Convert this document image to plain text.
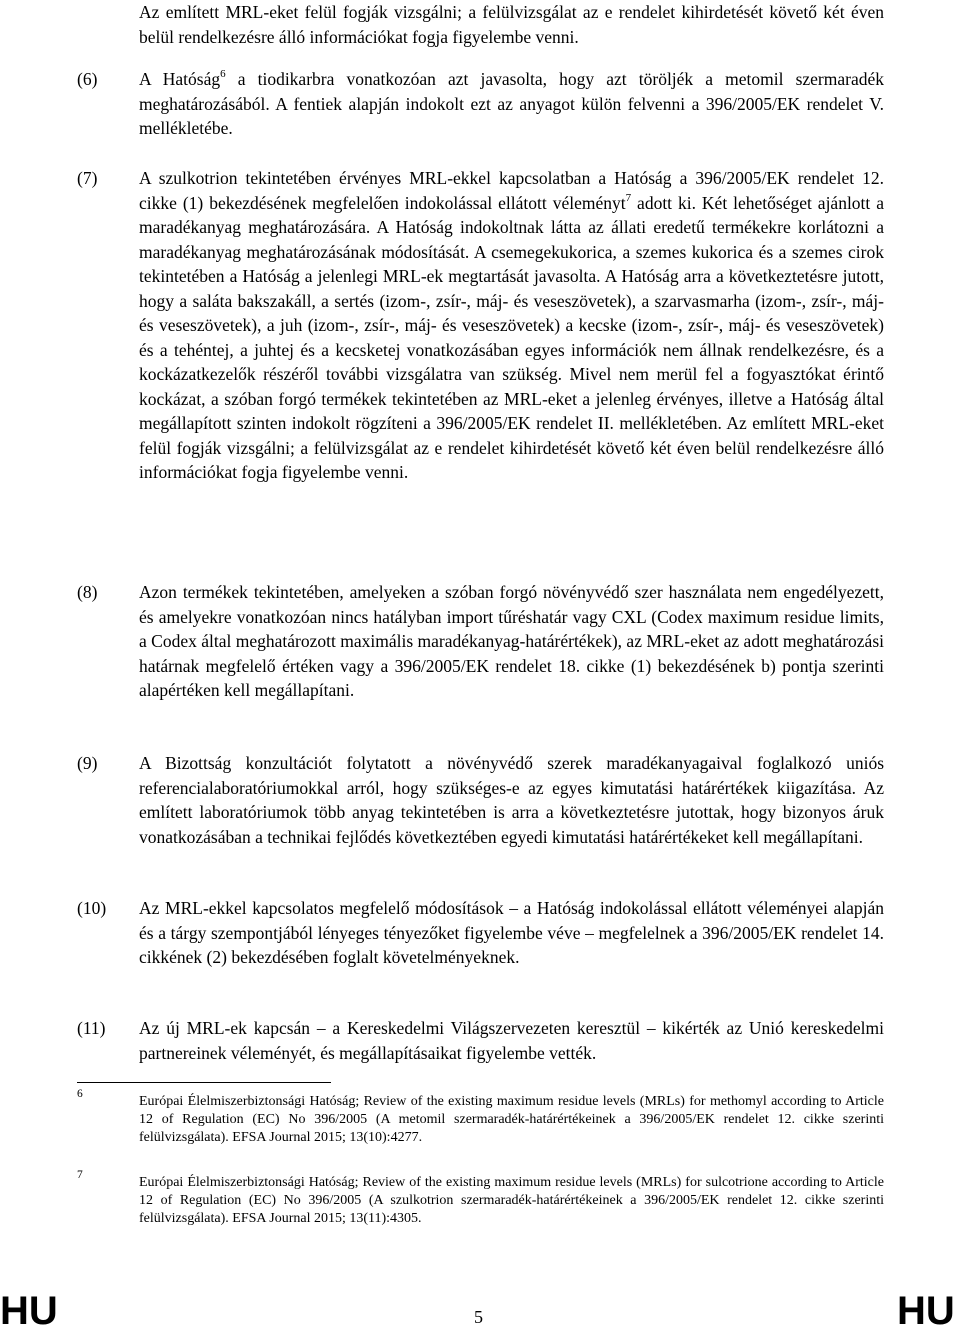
Az említett MRL-eket felül fogják vizsgálni; a felülvizsgálat az e rendelet kihirdetését követő két éven belül rendelkezésre álló információkat fogja figyelembe venni.

(6) A Hatóság$^6$ a tiodikarbra vonatkozóan azt javasolta, hogy azt töröljék a metomil szermaradék meghatározásából. A fentiek alapján indokolt ezt az anyagot külön felvenni a 396/2005/EK rendelet V. mellékletébe.

(7) A szulkotrion tekintetében érvényes MRL-ekkel kapcsolatban a Hatóság a 396/2005/EK rendelet 12. cikke (1) bekezdésének megfelelően indokolással ellátott véleményt$^7$ adott ki. Két lehetőséget ajánlott a maradékanyag meghatározására. A Hatóság indokoltnak látta az állati eredetű termékekre korlátozni a maradékanyag meghatározásának módosítását. A csemegekukorica, a szemes kukorica és a szemes cirok tekintetében a Hatóság a jelenlegi MRL-ek megtartását javasolta. A Hatóság arra a következtetésre jutott, hogy a saláta bakszakáll, a sertés (izom-, zsír-, máj- és veseszövetek), a szarvasmarha (izom-, zsír-, máj- és veseszövetek), a juh (izom-, zsír-, máj- és veseszövetek) a kecske (izom-, zsír-, máj- és veseszövetek) és a tehéntej, a juhtej és a kecsketej vonatkozásában egyes információk nem állnak rendelkezésre, és a kockázatkezelők részéről további vizsgálatra van szükség. Mivel nem merül fel a fogyasztókat érintő kockázat, a szóban forgó termékek tekintetében az MRL-eket a jelenleg érvényes, illetve a Hatóság által megállapított szinten indokolt rögzíteni a 396/2005/EK rendelet II. mellékletében. Az említett MRL-eket felül fogják vizsgálni; a felülvizsgálat az e rendelet kihirdetését követő két éven belül rendelkezésre álló információkat fogja figyelembe venni.

(8) Azon termékek tekintetében, amelyeken a szóban forgó növényvédő szer használata nem engedélyezett, és amelyekre vonatkozóan nincs hatályban import tűréshatár vagy CXL (Codex maximum residue limits, a Codex által meghatározott maximális maradékanyag-határértékek), az MRL-eket az adott meghatározási határnak megfelelő értéken vagy a 396/2005/EK rendelet 18. cikke (1) bekezdésének b) pontja szerinti alapértéken kell megállapítani.

(9) A Bizottság konzultációt folytatott a növényvédő szerek maradékanyagaival foglalkozó uniós referencialaboratóriumokkal arról, hogy szükséges-e az egyes kimutatási határértékek kiigazítása. Az említett laboratóriumok több anyag tekintetében is arra a következtetésre jutottak, hogy bizonyos áruk vonatkozásában a technikai fejlődés következtében egyedi kimutatási határértékeket kell megállapítani.

(10) Az MRL-ekkel kapcsolatos megfelelő módosítások – a Hatóság indokolással ellátott véleményei alapján és a tárgy szempontjából lényeges tényezőket figyelembe véve – megfelelnek a 396/2005/EK rendelet 14. cikkének (2) bekezdésében foglalt követelményeknek.

(11) Az új MRL-ek kapcsán – a Kereskedelmi Világszervezeten keresztül – kikérték az Unió kereskedelmi partnereinek véleményét, és megállapításaikat figyelembe vették.

6	Európai Élelmiszerbiztonsági Hatóság; Review of the existing maximum residue levels (MRLs) for methomyl according to Article 12 of Regulation (EC) No 396/2005 (A metomil szermaradék-határértékeinek a 396/2005/EK rendelet 12. cikke szerinti felülvizsgálata). EFSA Journal 2015; 13(10):4277.

7	Európai Élelmiszerbiztonsági Hatóság; Review of the existing maximum residue levels (MRLs) for sulcotrione according to Article 12 of Regulation (EC) No 396/2005 (A szulkotrion szermaradék-határértékeinek a 396/2005/EK rendelet 12. cikke szerinti felülvizsgálata). EFSA Journal 2015; 13(11):4305.

HU	5	HU
